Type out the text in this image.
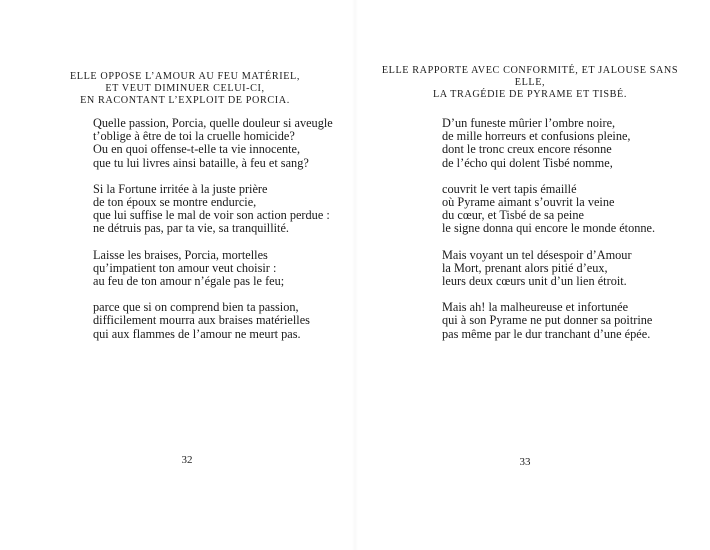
ELLE OPPOSE L’AMOUR AU FEU MATÉRIEL,
ET VEUT DIMINUER CELUI-CI,
EN RACONTANT L’EXPLOIT DE PORCIA.

Quelle passion, Porcia, quelle douleur si aveugle
t’oblige à être de toi la cruelle homicide?
Ou en quoi offense-t-elle ta vie innocente,
que tu lui livres ainsi bataille, à feu et sang?

Si la Fortune irritée à la juste prière
de ton époux se montre endurcie,
que lui suffise le mal de voir son action perdue :
ne détruis pas, par ta vie, sa tranquillité.

Laisse les braises, Porcia, mortelles
qu’impatient ton amour veut choisir :
au feu de ton amour n’égale pas le feu;

parce que si on comprend bien ta passion,
difficilement mourra aux braises matérielles
qui aux flammes de l’amour ne meurt pas.

32
ELLE RAPPORTE AVEC CONFORMITÉ, ET JALOUSE SANS ELLE,
LA TRAGÉDIE DE PYRAME ET TISBÉ.

D’un funeste mûrier l’ombre noire,
de mille horreurs et confusions pleine,
dont le tronc creux encore résonne
de l’écho qui dolent Tisbé nomme,

couvrit le vert tapis émaillé
où Pyrame aimant s’ouvrit la veine
du cœur, et Tisbé de sa peine
le signe donna qui encore le monde étonne.

Mais voyant un tel désespoir d’Amour
la Mort, prenant alors pitié d’eux,
leurs deux cœurs unit d’un lien étroit.

Mais ah! la malheureuse et infortunée
qui à son Pyrame ne put donner sa poitrine
pas même par le dur tranchant d’une épée.

33
